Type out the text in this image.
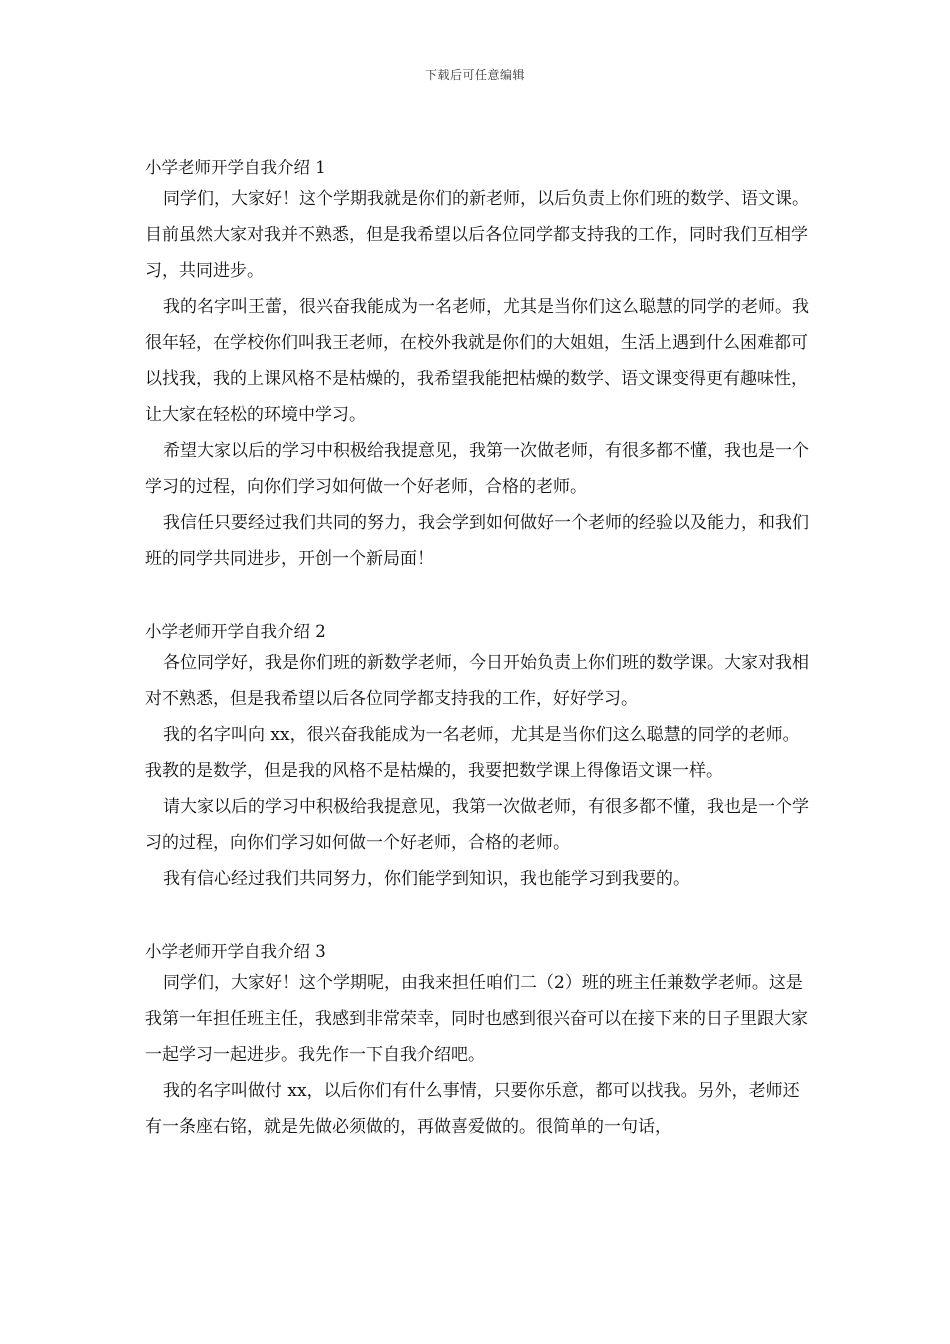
下载后可任意编辑
小学老师开学自我介绍 1

同学们，大家好！这个学期我就是你们的新老师，以后负责上你们班的数学、语文课。目前虽然大家对我并不熟悉，但是我希望以后各位同学都支持我的工作，同时我们互相学习，共同进步。

我的名字叫王蕾，很兴奋我能成为一名老师，尤其是当你们这么聪慧的同学的老师。我很年轻，在学校你们叫我王老师，在校外我就是你们的大姐姐，生活上遇到什么困难都可以找我，我的上课风格不是枯燥的，我希望我能把枯燥的数学、语文课变得更有趣味性，让大家在轻松的环境中学习。

希望大家以后的学习中积极给我提意见，我第一次做老师，有很多都不懂，我也是一个学习的过程，向你们学习如何做一个好老师，合格的老师。

我信任只要经过我们共同的努力，我会学到如何做好一个老师的经验以及能力，和我们班的同学共同进步，开创一个新局面！

小学老师开学自我介绍 2

各位同学好，我是你们班的新数学老师，今日开始负责上你们班的数学课。大家对我相对不熟悉，但是我希望以后各位同学都支持我的工作，好好学习。

我的名字叫向 xx，很兴奋我能成为一名老师，尤其是当你们这么聪慧的同学的老师。我教的是数学，但是我的风格不是枯燥的，我要把数学课上得像语文课一样。

请大家以后的学习中积极给我提意见，我第一次做老师，有很多都不懂，我也是一个学习的过程，向你们学习如何做一个好老师，合格的老师。

我有信心经过我们共同努力，你们能学到知识，我也能学习到我要的。

小学老师开学自我介绍 3

同学们，大家好！这个学期呢，由我来担任咱们二（2）班的班主任兼数学老师。这是我第一年担任班主任，我感到非常荣幸，同时也感到很兴奋可以在接下来的日子里跟大家一起学习一起进步。我先作一下自我介绍吧。

我的名字叫做付 xx，以后你们有什么事情，只要你乐意，都可以找我。另外，老师还有一条座右铭，就是先做必须做的，再做喜爱做的。很简单的一句话，
